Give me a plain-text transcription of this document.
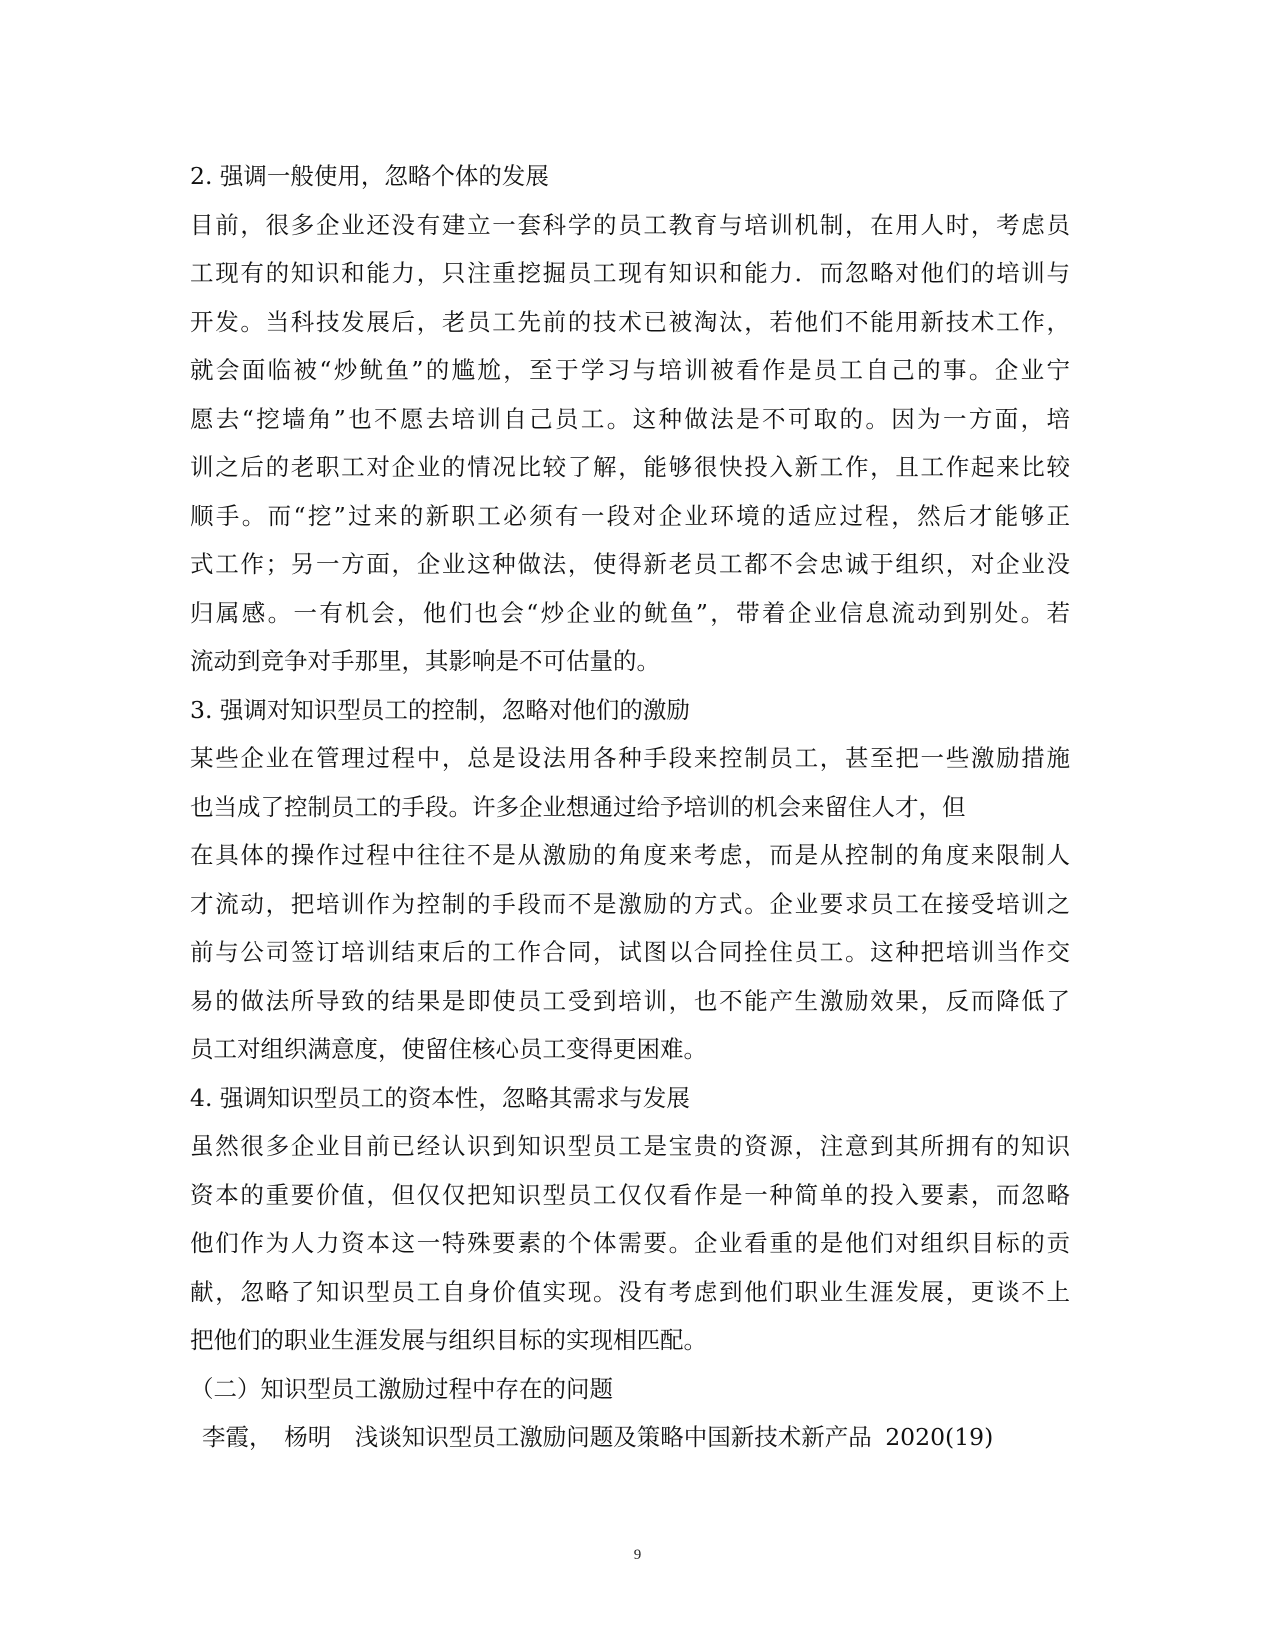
2. 强调一般使用，忽略个体的发展
目前，很多企业还没有建立一套科学的员工教育与培训机制，在用人时，考虑员
工现有的知识和能力，只注重挖掘员工现有知识和能力．而忽略对他们的培训与
开发。当科技发展后，老员工先前的技术已被淘汰，若他们不能用新技术工作，
就会面临被“炒鱿鱼”的尴尬，至于学习与培训被看作是员工自己的事。企业宁
愿去“挖墙角”也不愿去培训自己员工。这种做法是不可取的。因为一方面，培
训之后的老职工对企业的情况比较了解，能够很快投入新工作，且工作起来比较
顺手。而“挖”过来的新职工必须有一段对企业环境的适应过程，然后才能够正
式工作；另一方面，企业这种做法，使得新老员工都不会忠诚于组织，对企业没
归属感。一有机会，他们也会“炒企业的鱿鱼”，带着企业信息流动到别处。若
流动到竞争对手那里，其影响是不可估量的。
3. 强调对知识型员工的控制，忽略对他们的激励
某些企业在管理过程中，总是设法用各种手段来控制员工，甚至把一些激励措施
也当成了控制员工的手段。许多企业想通过给予培训的机会来留住人才，但
在具体的操作过程中往往不是从激励的角度来考虑，而是从控制的角度来限制人
才流动，把培训作为控制的手段而不是激励的方式。企业要求员工在接受培训之
前与公司签订培训结束后的工作合同，试图以合同拴住员工。这种把培训当作交
易的做法所导致的结果是即使员工受到培训，也不能产生激励效果，反而降低了
员工对组织满意度，使留住核心员工变得更困难。
4. 强调知识型员工的资本性，忽略其需求与发展
虽然很多企业目前已经认识到知识型员工是宝贵的资源，注意到其所拥有的知识
资本的重要价值，但仅仅把知识型员工仅仅看作是一种简单的投入要素，而忽略
他们作为人力资本这一特殊要素的个体需要。企业看重的是他们对组织目标的贡
献，忽略了知识型员工自身价值实现。没有考虑到他们职业生涯发展，更谈不上
把他们的职业生涯发展与组织目标的实现相匹配。
（二）知识型员工激励过程中存在的问题
李霞，　杨明　浅谈知识型员工激励问题及策略中国新技术新产品 2020(19)
9
